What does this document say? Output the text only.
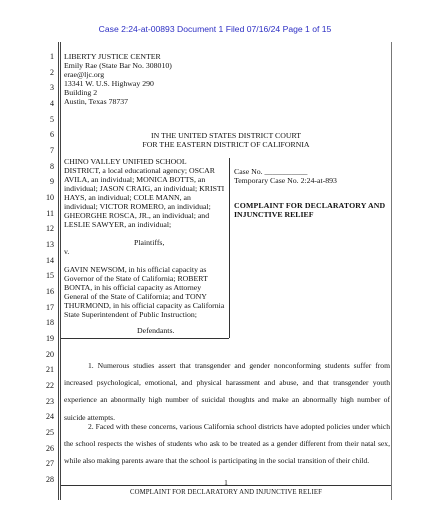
Case 2:24-at-00893 Document 1 Filed 07/16/24 Page 1 of 15
1
2
3
4
5
6
7
8
9
10
11
12
13
14
15
16
17
18
19
20
21
22
23
24
25
26
27
28
LIBERTY JUSTICE CENTER
Emily Rae (State Bar No. 308010)
erae@ljc.org
13341 W. U.S. Highway 290
Building 2
Austin, Texas 78737
IN THE UNITED STATES DISTRICT COURT
FOR THE EASTERN DISTRICT OF CALIFORNIA
CHINO VALLEY UNIFIED SCHOOL
DISTRICT, a local educational agency; OSCAR
AVILA, an individual; MONICA BOTTS, an
individual; JASON CRAIG, an individual; KRISTI
HAYS, an individual; COLE MANN, an
individual; VICTOR ROMERO, an individual;
GHEORGHE ROSCA, JR., an individual; and
LESLIE SAWYER, an individual;
Plaintiffs,
v.
GAVIN NEWSOM, in his official capacity as
Governor of the State of California; ROBERT
BONTA, in his official capacity as Attorney
General of the State of California; and TONY
THURMOND, in his official capacity as California
State Superintendent of Public Instruction;
Defendants.
Case No. ___________
Temporary Case No. 2:24-at-893
COMPLAINT FOR DECLARATORY AND
INJUNCTIVE RELIEF
1. Numerous studies assert that transgender and gender nonconforming students suffer from increased psychological, emotional, and physical harassment and abuse, and that transgender youth experience an abnormally high number of suicidal thoughts and make an abnormally high number of suicide attempts.
2. Faced with these concerns, various California school districts have adopted policies under which the school respects the wishes of students who ask to be treated as a gender different from their natal sex, while also making parents aware that the school is participating in the social transition of their child.
1
COMPLAINT FOR DECLARATORY AND INJUNCTIVE RELIEF
